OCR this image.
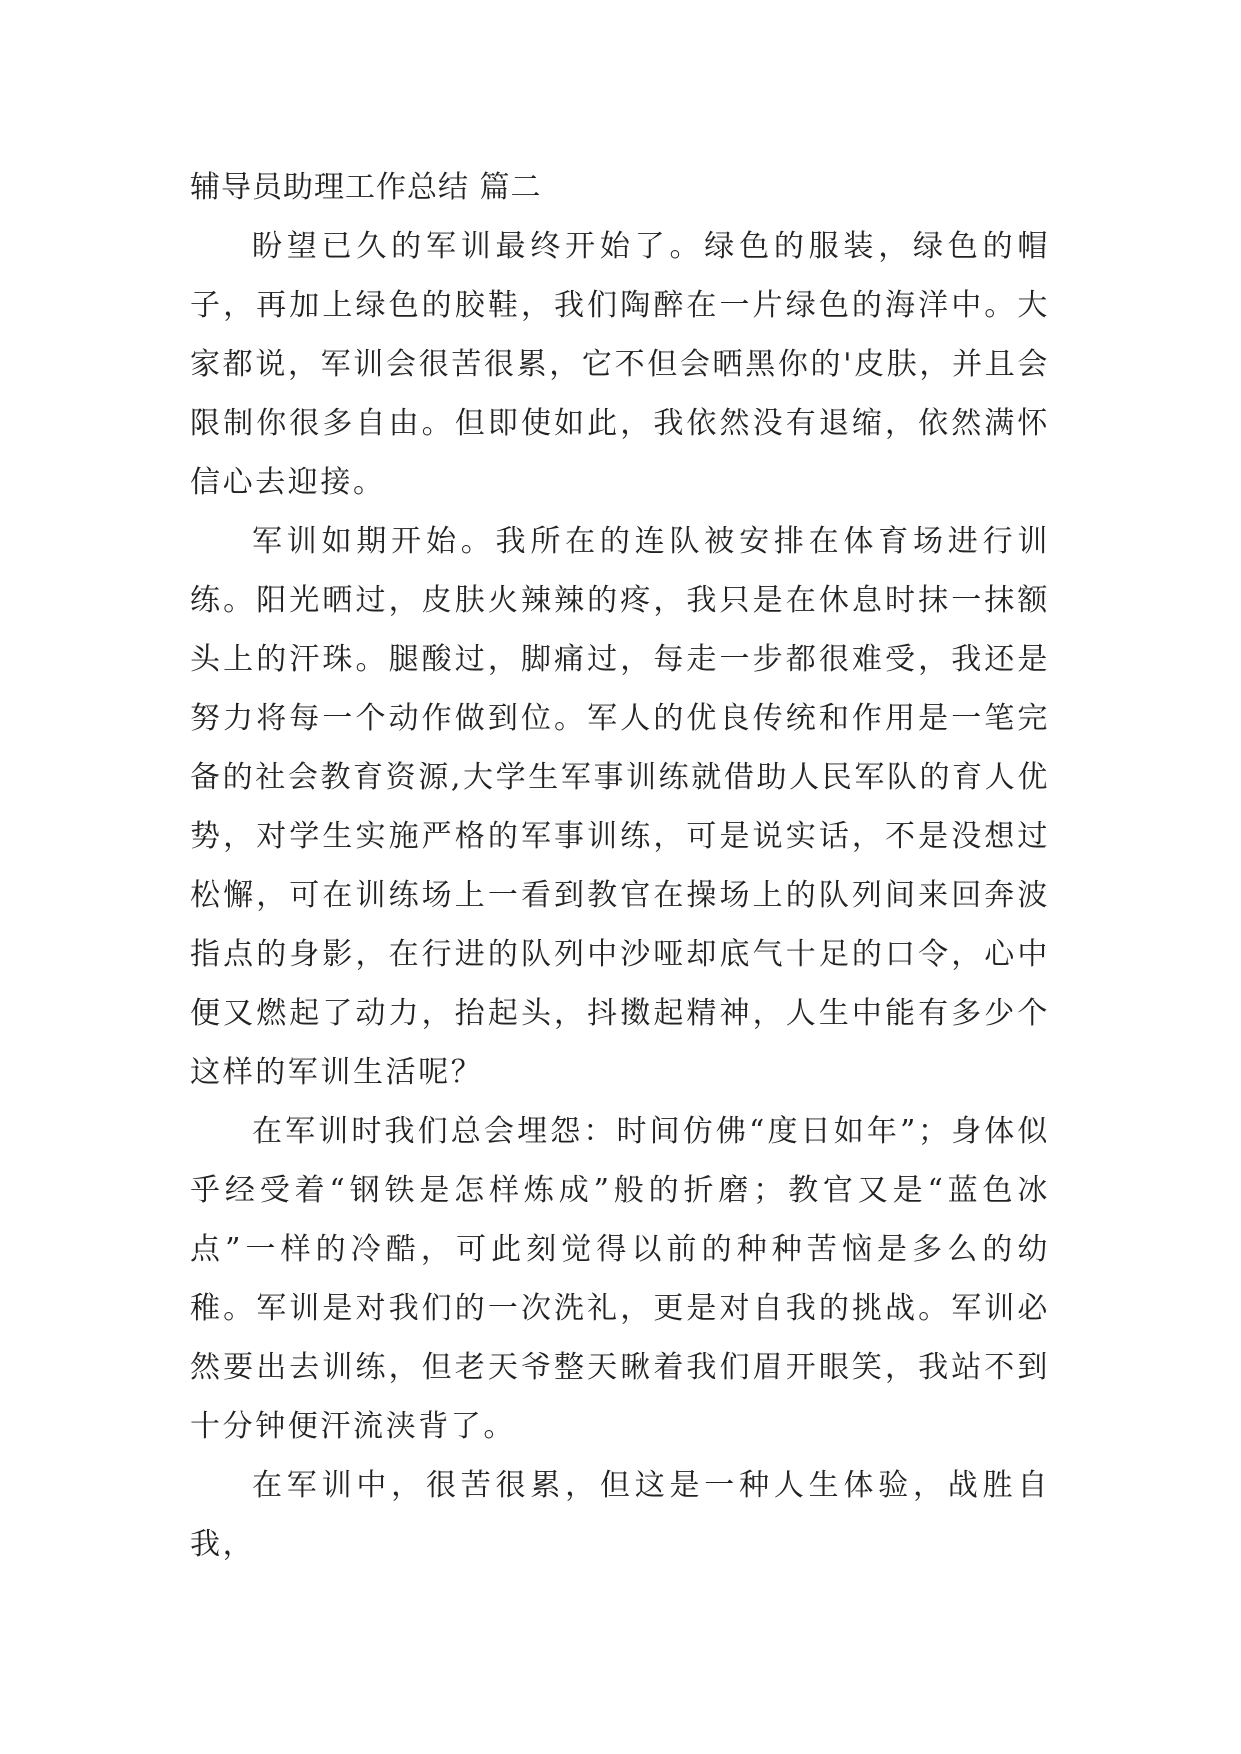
辅导员助理工作总结 篇二

盼望已久的军训最终开始了。绿色的服装，绿色的帽子，再加上绿色的胶鞋，我们陶醉在一片绿色的海洋中。大家都说，军训会很苦很累，它不但会晒黑你的'皮肤，并且会限制你很多自由。但即使如此，我依然没有退缩，依然满怀信心去迎接。

军训如期开始。我所在的连队被安排在体育场进行训练。阳光晒过，皮肤火辣辣的疼，我只是在休息时抹一抹额头上的汗珠。腿酸过，脚痛过，每走一步都很难受，我还是努力将每一个动作做到位。军人的优良传统和作用是一笔完备的社会教育资源,大学生军事训练就借助人民军队的育人优势，对学生实施严格的军事训练，可是说实话，不是没想过松懈，可在训练场上一看到教官在操场上的队列间来回奔波指点的身影，在行进的队列中沙哑却底气十足的口令，心中便又燃起了动力，抬起头，抖擞起精神，人生中能有多少个这样的军训生活呢？

在军训时我们总会埋怨：时间仿佛“度日如年”；身体似乎经受着“钢铁是怎样炼成”般的折磨；教官又是“蓝色冰点”一样的冷酷，可此刻觉得以前的种种苦恼是多么的幼稚。军训是对我们的一次洗礼，更是对自我的挑战。军训必然要出去训练，但老天爷整天瞅着我们眉开眼笑，我站不到十分钟便汗流浃背了。

在军训中，很苦很累，但这是一种人生体验，战胜自我，
